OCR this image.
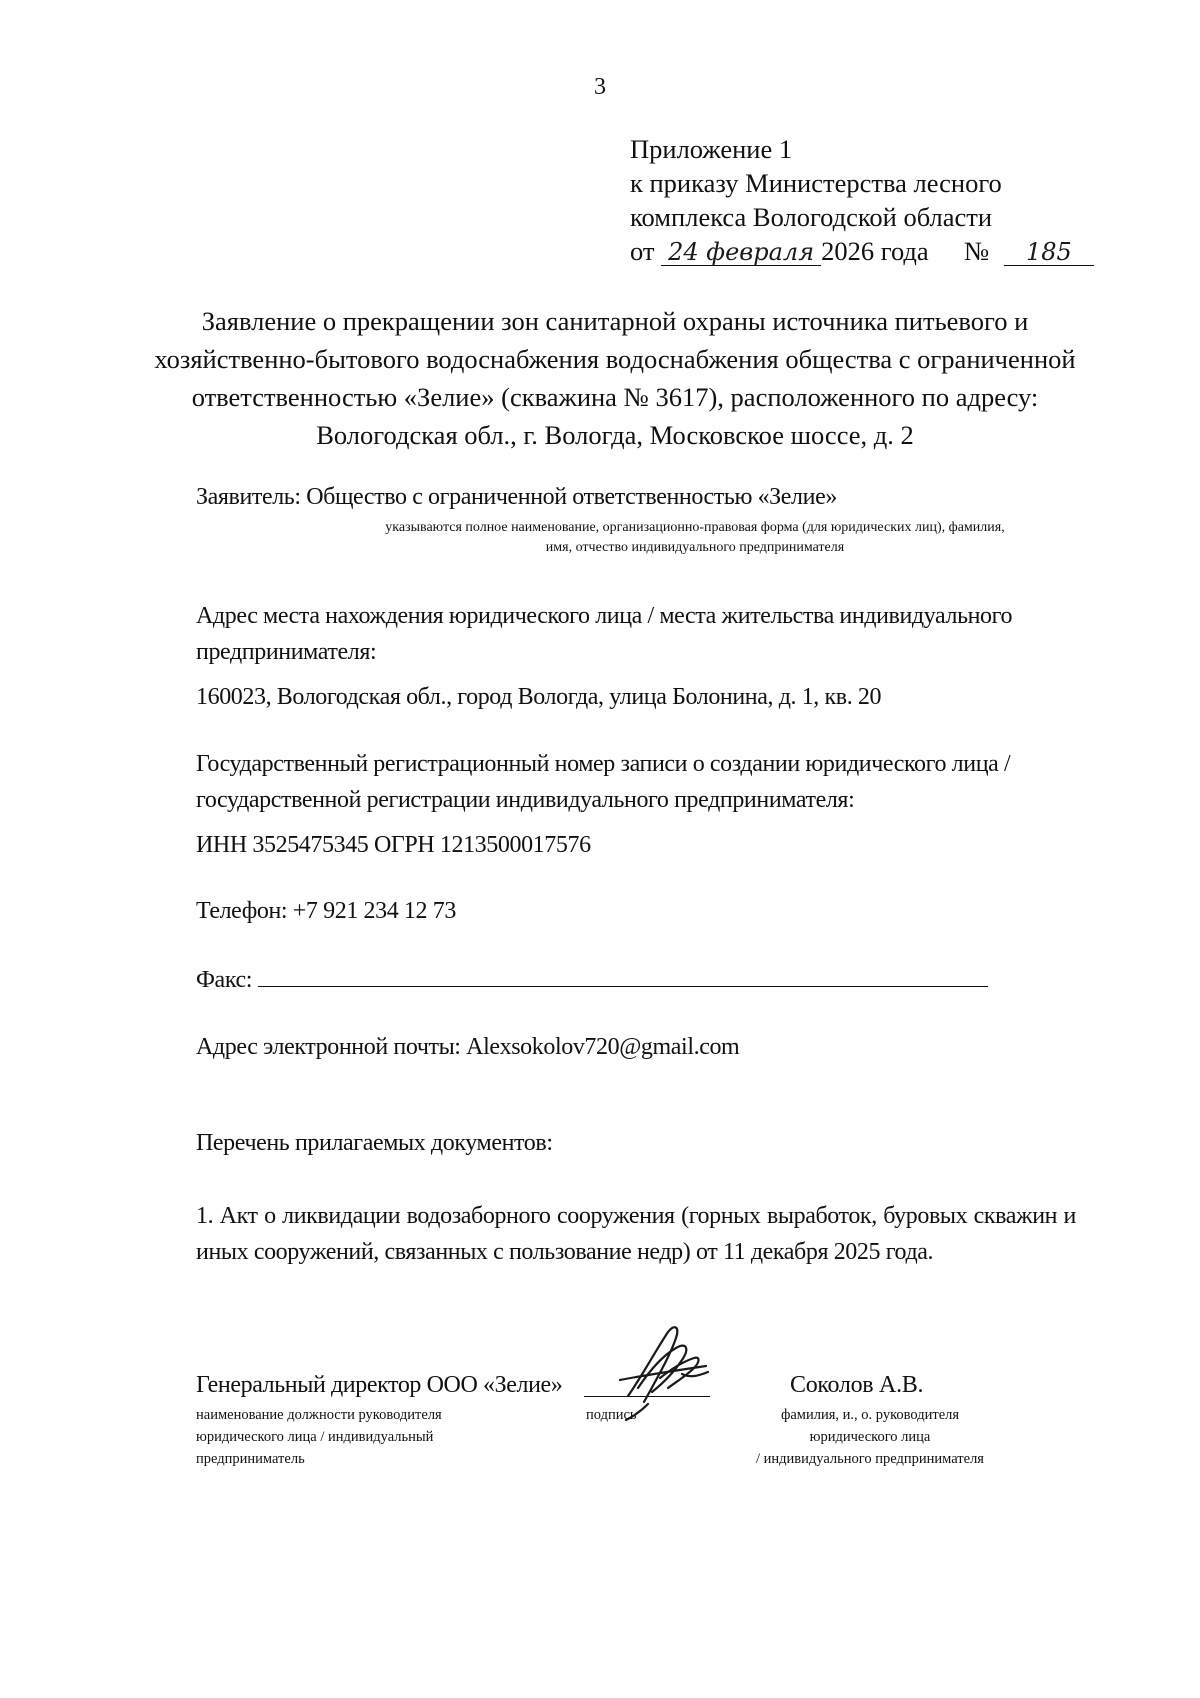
3
Приложение 1
к приказу Министерства лесного
комплекса Вологодской области
от 24 февраля 2026 года № 185
Заявление о прекращении зон санитарной охраны источника питьевого и
хозяйственно-бытового водоснабжения водоснабжения общества с ограниченной
ответственностью «Зелие» (скважина № 3617), расположенного по адресу:
Вологодская обл., г. Вологда, Московское шоссе, д. 2
Заявитель: Общество с ограниченной ответственностью «Зелие»
указываются полное наименование, организационно-правовая форма (для юридических лиц), фамилия,
имя, отчество индивидуального предпринимателя
Адрес места нахождения юридического лица / места жительства индивидуального
предпринимателя:
160023, Вологодская обл., город Вологда, улица Болонина, д. 1, кв. 20
Государственный регистрационный номер записи о создании юридического лица /
государственной регистрации индивидуального предпринимателя:
ИНН 3525475345 ОГРН 1213500017576
Телефон: +7 921 234 12 73
Факс:
Адрес электронной почты: Alexsokolov720@gmail.com
Перечень прилагаемых документов:
1. Акт о ликвидации водозаборного сооружения (горных выработок, буровых скважин и иных сооружений, связанных с пользование недр) от 11 декабря 2025 года.
Генеральный директор ООО «Зелие»
наименование должности руководителя
юридического лица / индивидуальный
предприниматель
подпись
Соколов А.В.
фамилия, и., о. руководителя
юридического лица
/ индивидуального предпринимателя
